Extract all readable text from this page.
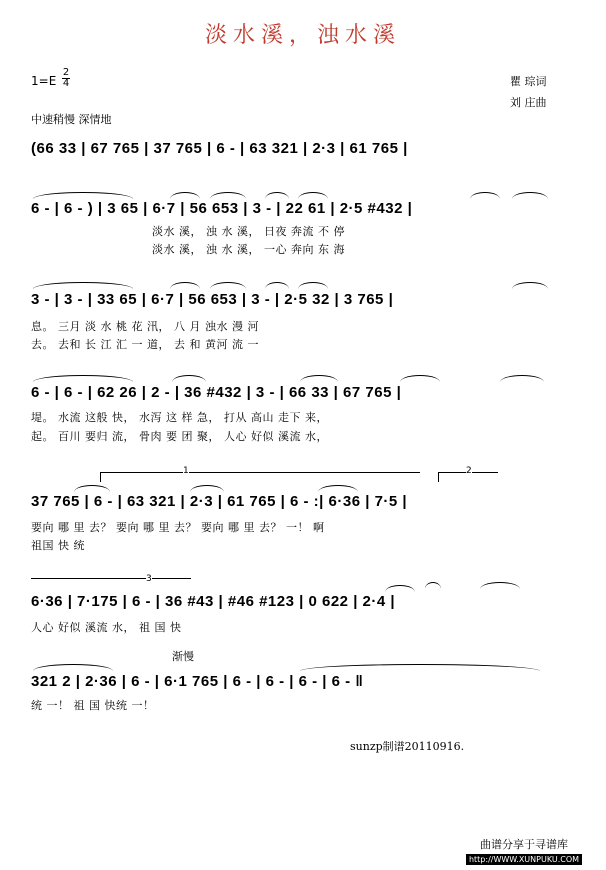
淡水溪，浊水溪
1=E
2
4	瞿 琮词
刘 庄曲
中速稍慢 深情地
(66 33 | 67 765 | 37 765 | 6 - | 63 321 | 2·3 | 61 765 |
6 - | 6 - ) | 3 65 | 6·7 | 56 653 | 3 - | 22 61 | 2·5 #432 |
淡水 溪， 浊 水 溪， 日夜 奔流 不 停
淡水 溪， 浊 水 溪， 一心 奔向 东 海
3 - | 3 - | 33 65 | 6·7 | 56 653 | 3 - | 2·5 32 | 3 765 |
息。 三月 淡 水 桃 花 汛， 八 月 浊水 漫 河
去。 去和 长 江 汇 一 道， 去 和 黄河 流 一
6 - | 6 - | 62 26 | 2 - | 36 #432 | 3 - | 66 33 | 67 765 |
堤。 水流 这般 快， 水泻 这 样 急， 打从 高山 走下 来，
起。 百川 要归 流， 骨肉 要 团 聚， 人心 好似 溪流 水，
1	2
37 765 | 6 - | 63 321 | 2·3 | 61 765 | 6 - :| 6·36 | 7·5 |
要向 哪 里 去？ 要向 哪 里 去？ 要向 哪 里 去？ 一！ 啊
祖国 快 统
3
6·36 | 7·175 | 6 - | 36 #43 | #46 #123 | 0 622 | 2·4 |
人心 好似 溪流 水， 祖 国 快
渐慢
321 2 | 2·36 | 6 - | 6·1 765 | 6 - | 6 - | 6 - | 6 - ‖
统 一！ 祖 国 快统 一！
sunzp制谱20110916.
曲谱分享于寻谱库
http://WWW.XUNPUKU.COM
